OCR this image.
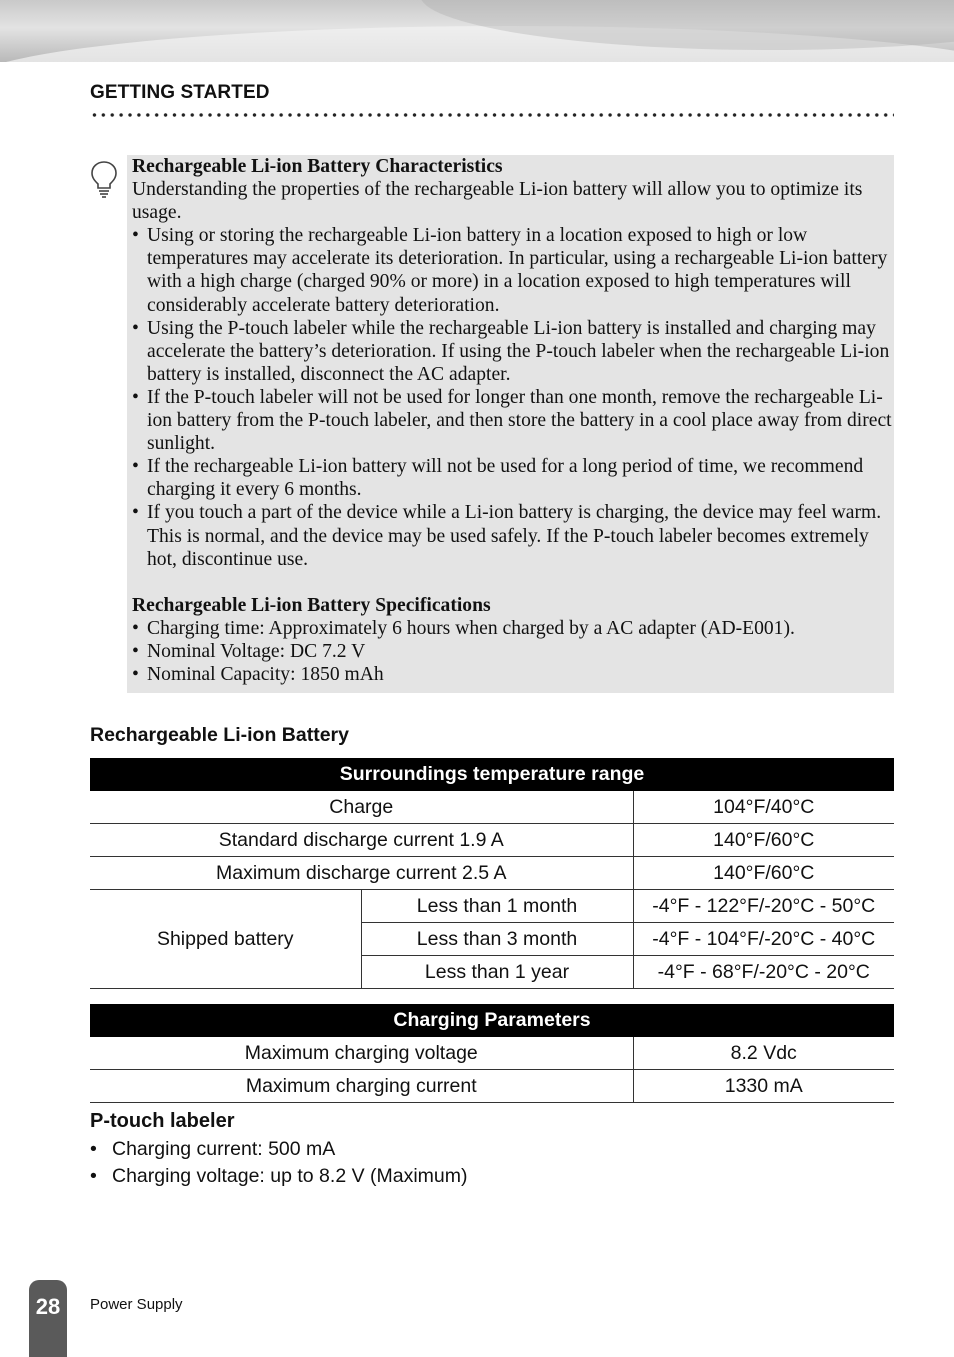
GETTING STARTED
Rechargeable Li-ion Battery Characteristics
Understanding the properties of the rechargeable Li-ion battery will allow you to optimize its usage.
• Using or storing the rechargeable Li-ion battery in a location exposed to high or low temperatures may accelerate its deterioration. In particular, using a rechargeable Li-ion battery with a high charge (charged 90% or more) in a location exposed to high temperatures will considerably accelerate battery deterioration.
• Using the P-touch labeler while the rechargeable Li-ion battery is installed and charging may accelerate the battery’s deterioration. If using the P-touch labeler when the rechargeable Li-ion battery is installed, disconnect the AC adapter.
• If the P-touch labeler will not be used for longer than one month, remove the rechargeable Li-ion battery from the P-touch labeler, and then store the battery in a cool place away from direct sunlight.
• If the rechargeable Li-ion battery will not be used for a long period of time, we recommend charging it every 6 months.
• If you touch a part of the device while a Li-ion battery is charging, the device may feel warm. This is normal, and the device may be used safely. If the P-touch labeler becomes extremely hot, discontinue use.
Rechargeable Li-ion Battery Specifications
• Charging time: Approximately 6 hours when charged by a AC adapter (AD-E001).
• Nominal Voltage: DC 7.2 V
• Nominal Capacity: 1850 mAh
Rechargeable Li-ion Battery
Surroundings temperature range		
Charge		104°F/40°C
Standard discharge current 1.9 A		140°F/60°C
Maximum discharge current 2.5 A		140°F/60°C
Shipped battery	Less than 1 month	-4°F - 122°F/-20°C - 50°C
	Less than 3 month	-4°F - 104°F/-20°C - 40°C
	Less than 1 year	-4°F - 68°F/-20°C - 20°C
Charging Parameters	
Maximum charging voltage	8.2 Vdc
Maximum charging current	1330 mA
P-touch labeler
• Charging current: 500 mA
• Charging voltage: up to 8.2 V (Maximum)
28	Power Supply
